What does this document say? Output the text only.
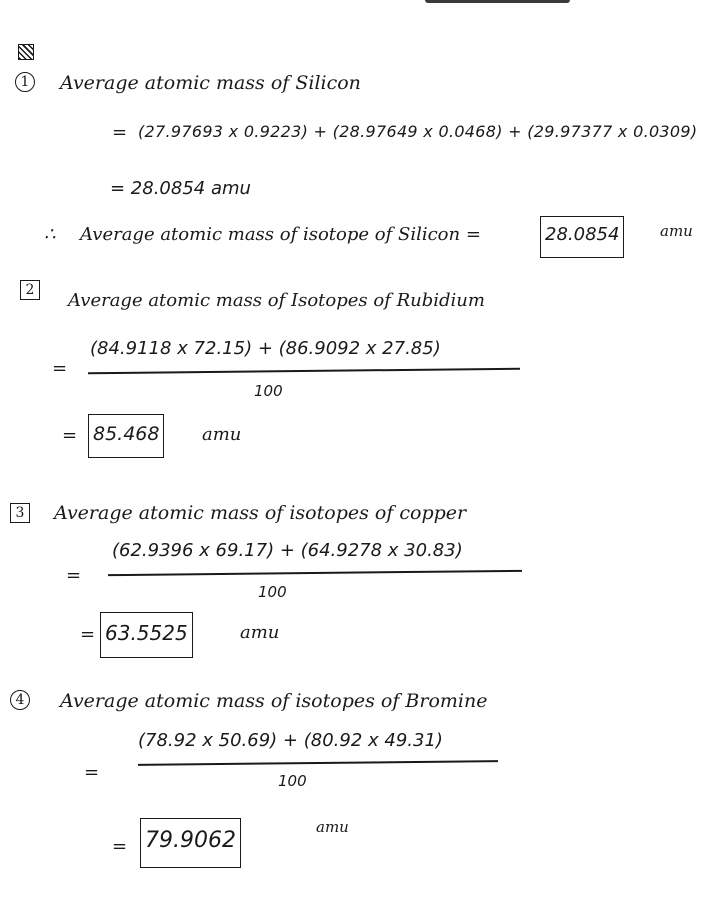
1 Average atomic mass of Silicon
= (27.97693 x 0.9223) + (28.97649 x 0.0468) + (29.97377 x 0.0309)
= 28.0854 amu
∴ Average atomic mass of isotope of Silicon =	28.0854	amu
2	Average atomic mass of Isotopes of Rubidium
(84.9118 x 72.15) + (86.9092 x 27.85)
=
100
= 85.468 amu
3 Average atomic mass of isotopes of copper
(62.9396 x 69.17) + (64.9278 x 30.83)
=
100
= 63.5525	amu
4 Average atomic mass of isotopes of Bromine
(78.92 x 50.69) + (80.92 x 49.31)
=	100
= 79.9062
amu
